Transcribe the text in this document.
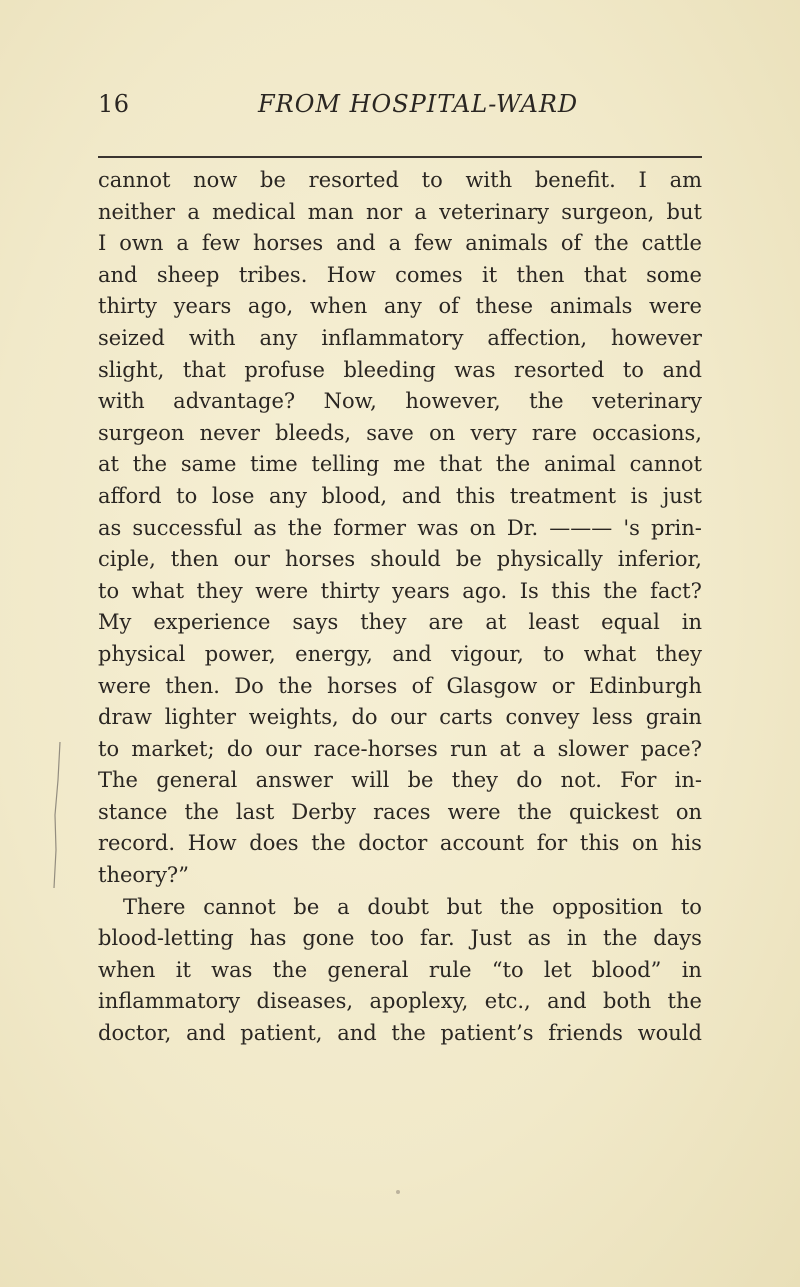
16	FROM HOSPITAL-WARD
cannot now be resorted to with benefit. I am
neither a medical man nor a veterinary surgeon, but
I own a few horses and a few animals of the cattle
and sheep tribes. How comes it then that some
thirty years ago, when any of these animals were
seized with any inflammatory affection, however
slight, that profuse bleeding was resorted to and
with advantage? Now, however, the veterinary
surgeon never bleeds, save on very rare occasions,
at the same time telling me that the animal cannot
afford to lose any blood, and this treatment is just
as successful as the former was on Dr. ——— 's prin-
ciple, then our horses should be physically inferior,
to what they were thirty years ago. Is this the fact?
My experience says they are at least equal in
physical power, energy, and vigour, to what they
were then. Do the horses of Glasgow or Edinburgh
draw lighter weights, do our carts convey less grain
to market; do our race-horses run at a slower pace?
The general answer will be they do not. For in-
stance the last Derby races were the quickest on
record. How does the doctor account for this on his
theory?”
There cannot be a doubt but the opposition to
blood-letting has gone too far. Just as in the days
when it was the general rule “to let blood” in
inflammatory diseases, apoplexy, etc., and both the
doctor, and patient, and the patient’s friends would
